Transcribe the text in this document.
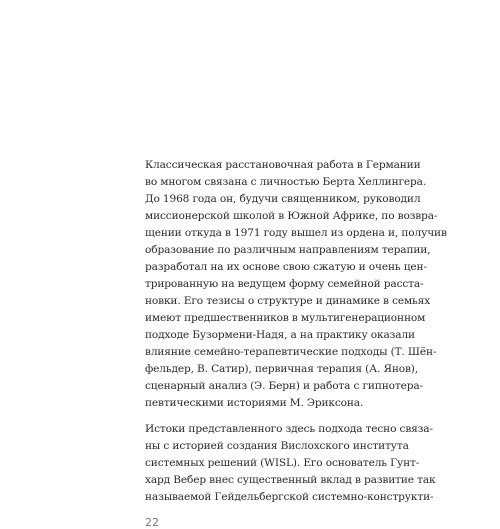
Классическая расстановочная работа в Германии
во многом связана с личностью Берта Хеллингера.
До 1968 года он, будучи священником, руководил
миссионерской школой в Южной Африке, по возвра-
щении откуда в 1971 году вышел из ордена и, получив
образование по различным направлениям терапии,
разработал на их основе свою сжатую и очень цен-
трированную на ведущем форму семейной расста-
новки. Его тезисы о структуре и динамике в семьях
имеют предшественников в мультигенерационном
подходе Бузормени-Надя, а на практику оказали
влияние семейно-терапевтические подходы (Т. Шён-
фельдер, В. Сатир), первичная терапия (А. Янов),
сценарный анализ (Э. Берн) и работа с гипнотера-
певтическими историями М. Эриксона.
Истоки представленного здесь подхода тесно связа-
ны с историей создания Вислохского института
системных решений (WISL). Его основатель Гунт-
хард Вебер внес существенный вклад в развитие так
называемой Гейдельбергской системно-конструкти-
22
